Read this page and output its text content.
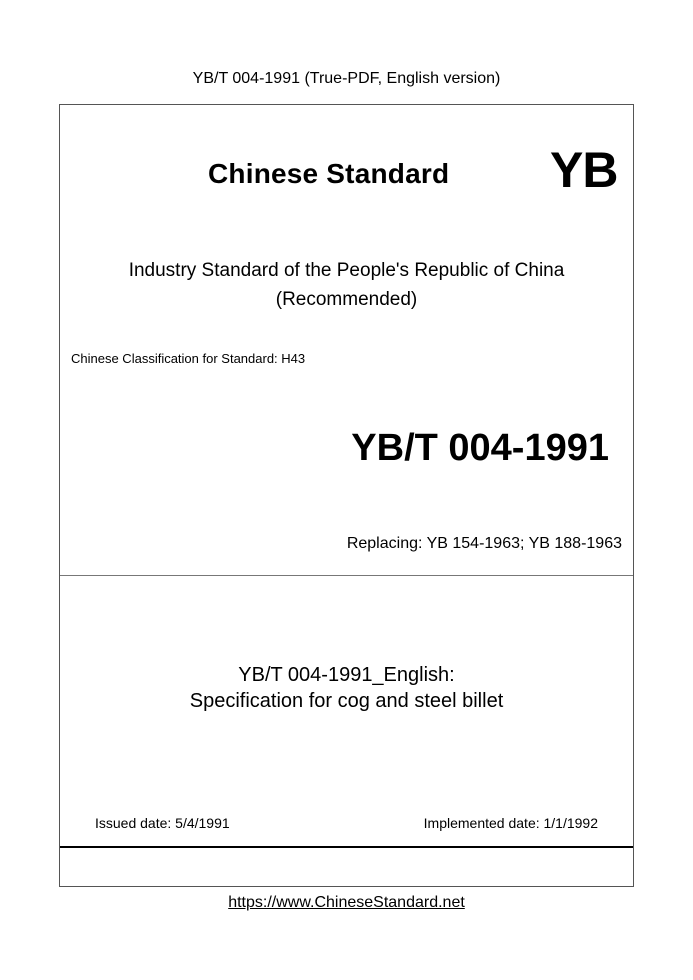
YB/T 004-1991 (True-PDF, English version)
Chinese Standard YB
Industry Standard of the People's Republic of China
(Recommended)
Chinese Classification for Standard: H43
YB/T 004-1991
Replacing: YB 154-1963; YB 188-1963
YB/T 004-1991_English:
Specification for cog and steel billet
Issued date: 5/4/1991	Implemented date: 1/1/1992
https://www.ChineseStandard.net
